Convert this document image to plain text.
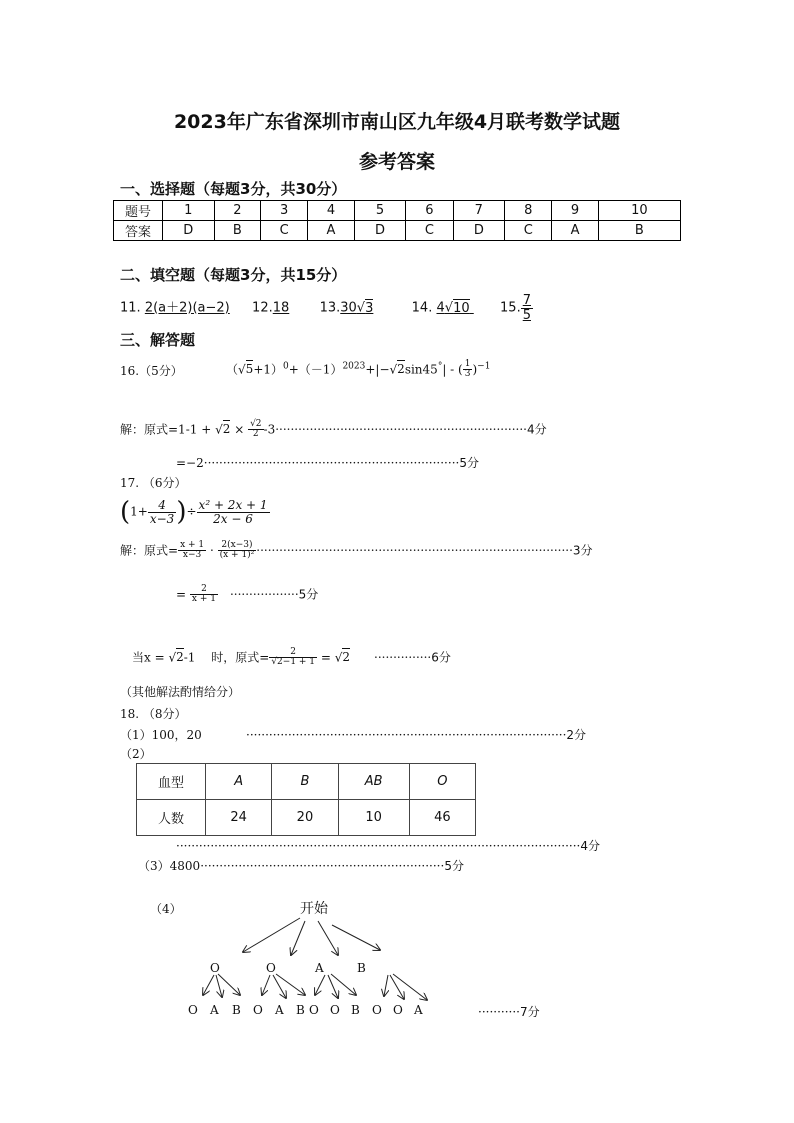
2023年广东省深圳市南山区九年级4月联考数学试题
参考答案
一、选择题（每题3分，共30分）
题号	1	2	3	4	5	6	7	8	9	10
答案	D	B	C	A	D	C	D	C	A	B
二、填空题（每题3分，共15分）
11. 2(a＋2)(a−2) 12.18 13.30√3	14. 4√10 15. $\frac{7}{5}$
三、解答题
16.（5分）	$(√5+1)^0+(-1)^{2023}+|-√2\sin 45^\circ|$ - ( $\frac{1}{3} )^{-1}$
解：原式$=1-1 + √2 \times \frac{√2}{2} -3\cdot\cdot\cdot\cdot\cdot\cdot\cdot\cdot\cdot\cdot\cdot\cdot\cdot\cdot\cdot\cdot\cdot\cdot\cdot\cdot\cdot\cdot\cdot\cdot\cdot\cdot\cdot\cdot\cdot\cdot\cdot\cdot\cdot\cdot\cdot\cdot\cdot\cdot\cdot\cdot\cdot\cdot\cdot\cdot\cdot\cdot\cdot\cdot\cdot\cdot\cdot\cdot\cdot\cdot\cdot\cdot\cdot\cdot\cdot\cdot\cdot\cdot\cdot\cdot\cdot\cdot 4$分
=−2···································································5分
17. （6分）
($1+ \frac{4}{x-3}$ )÷ $\frac{\text{x² + 2x + 1}}{2x - 6}$
解：原式= $\frac{x + 1}{x-3} \cdot \frac{2(x-3)}{\text{(x + 1)²}} \cdot\cdot\cdot\cdot\cdot\cdot\cdot\cdot\cdot\cdot\cdot\cdot\cdot\cdot\cdot\cdot\cdot\cdot\cdot\cdot\cdot\cdot\cdot\cdot\cdot\cdot\cdot\cdot\cdot\cdot\cdot\cdot\cdot\cdot\cdot\cdot\cdot\cdot\cdot\cdot\cdot\cdot\cdot\cdot\cdot\cdot\cdot\cdot\cdot\cdot\cdot\cdot\cdot\cdot\cdot\cdot\cdot\cdot\cdot\cdot\cdot\cdot\cdot\cdot\cdot\cdot\cdot\cdot\cdot\cdot\cdot\cdot\cdot\cdot\cdot\cdot\cdot\cdot\cdot\cdot\cdot\cdot\cdot 3$分
= $\frac{2}{x + 1}$
　 ··················5分
当x = √2-1　 时，原式= $\frac{2}{√2-1 + 1} = √2$　　 ···············6分
（其他解法酌情给分）
18. （8分）
（1）100，20	····················································································2分
（2）
血型	A	B	AB	O
人数	24	20	10	46
··········································································································4分
（3）4800································································5分
（4）	开始
O	O	A	B
O A B O A B O O B O O A	···········7分
